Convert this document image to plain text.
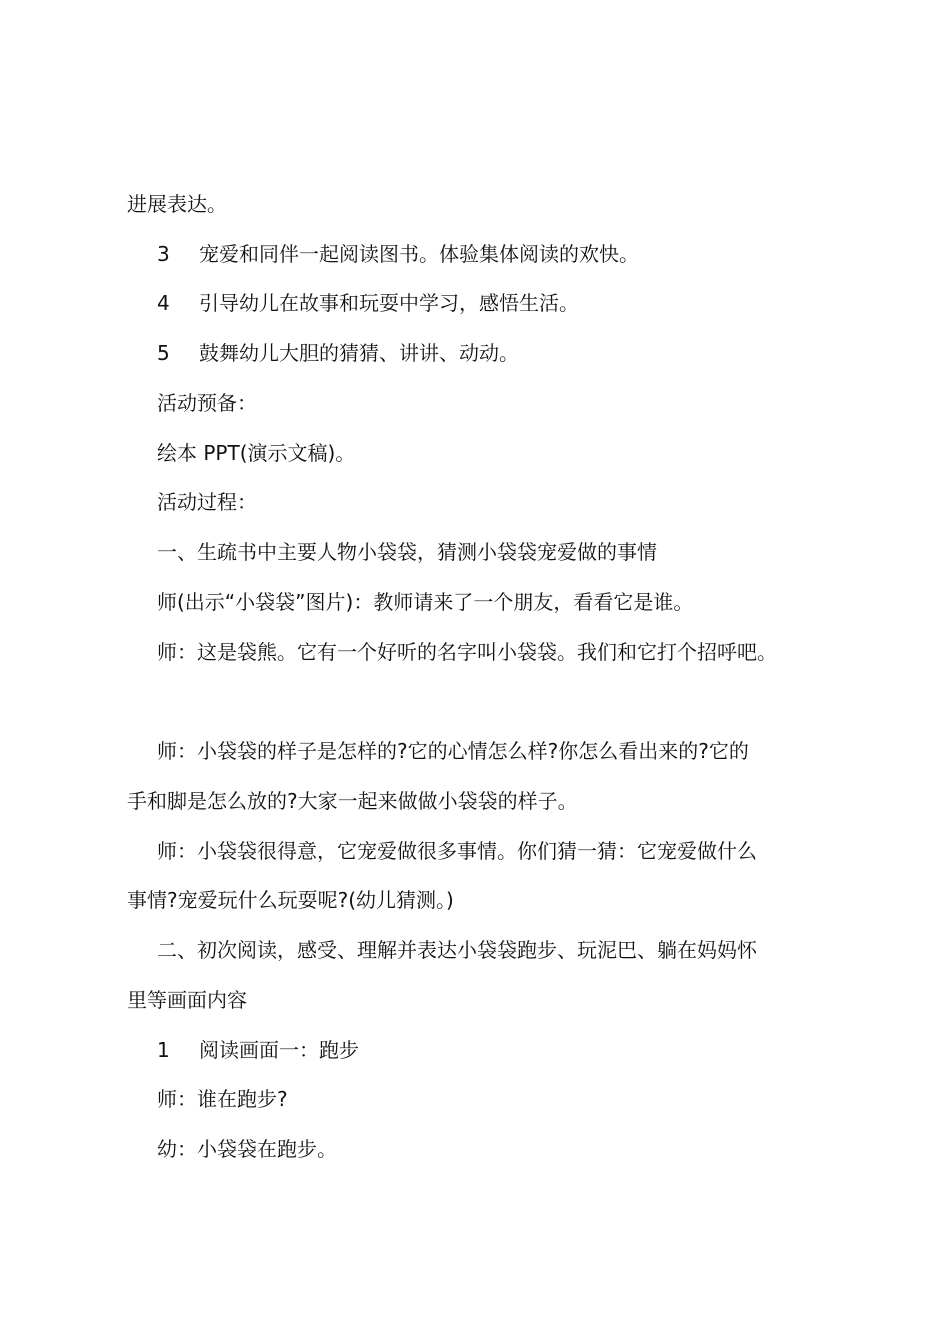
进展表达。
3 宠爱和同伴一起阅读图书。体验集体阅读的欢快。
4 引导幼儿在故事和玩耍中学习，感悟生活。
5 鼓舞幼儿大胆的猜猜、讲讲、动动。
活动预备：
绘本 PPT(演示文稿)。
活动过程：
一、生疏书中主要人物小袋袋，猜测小袋袋宠爱做的事情
师(出示“小袋袋”图片)：教师请来了一个朋友，看看它是谁。
师：这是袋熊。它有一个好听的名字叫小袋袋。我们和它打个招呼吧。
师：小袋袋的样子是怎样的?它的心情怎么样?你怎么看出来的?它的
手和脚是怎么放的?大家一起来做做小袋袋的样子。
师：小袋袋很得意，它宠爱做很多事情。你们猜一猜：它宠爱做什么
事情?宠爱玩什么玩耍呢?(幼儿猜测。)
二、初次阅读，感受、理解并表达小袋袋跑步、玩泥巴、躺在妈妈怀
里等画面内容
1 阅读画面一：跑步
师：谁在跑步?
幼：小袋袋在跑步。
